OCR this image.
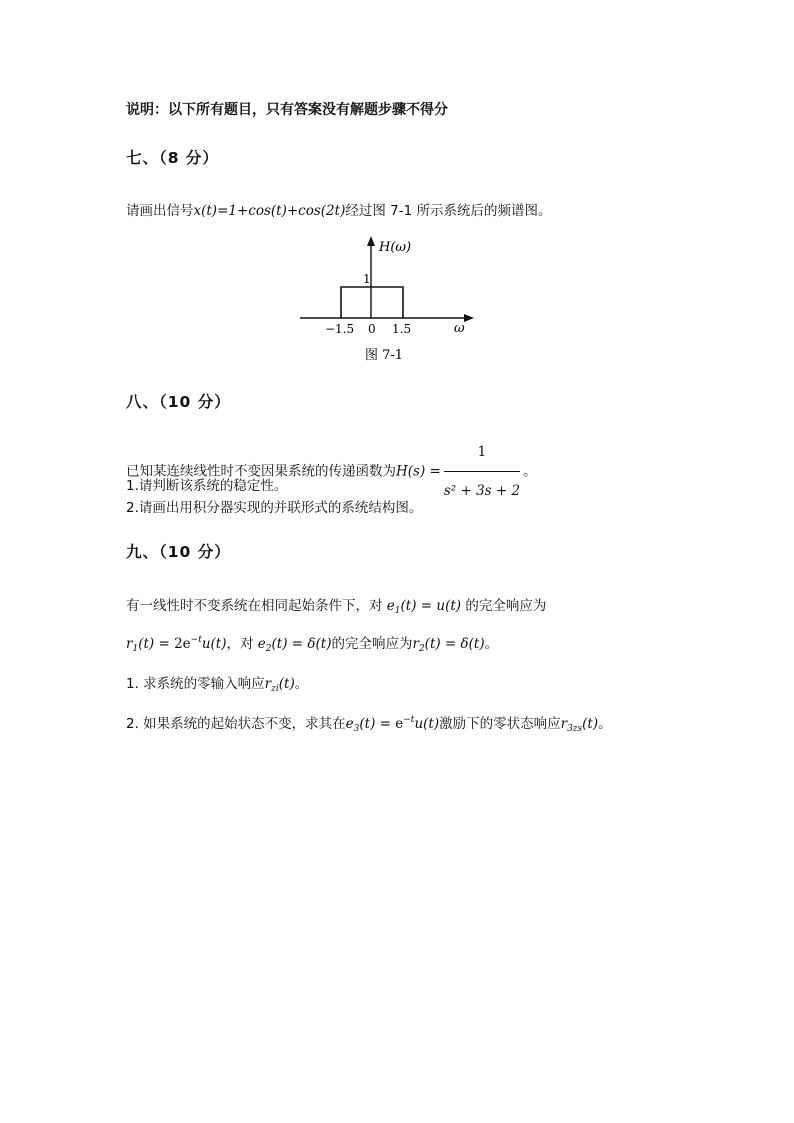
说明：以下所有题目，只有答案没有解题步骤不得分
七、（8 分）
请画出信号x(t)=1+cos(t)+cos(2t)经过图 7-1 所示系统后的频谱图。
H(ω)
1
−1.5 0 1.5	ω
图 7-1
八、（10 分）
已知某连续线性时不变因果系统的传递函数为$H(s) = \frac{1}{\text{s² + 3s + 2}}$ 。
1.请判断该系统的稳定性。
2.请画出用积分器实现的并联形式的系统结构图。
九、（10 分）
有一线性时不变系统在相同起始条件下，对 $e_1(t) = u(t)$ 的完全响应为
$r_1(t) = 2e^{-t}u(t)$，对 $e_2(t) = \delta(t)$的完全响应为$r_2(t) = \delta(t)$。
1. 求系统的零输入响应$r_{zi}(t)$。
2. 如果系统的起始状态不变，求其在$e_3(t) = e^{-t}u(t)$激励下的零状态响应$r_{3zs}(t)$。
